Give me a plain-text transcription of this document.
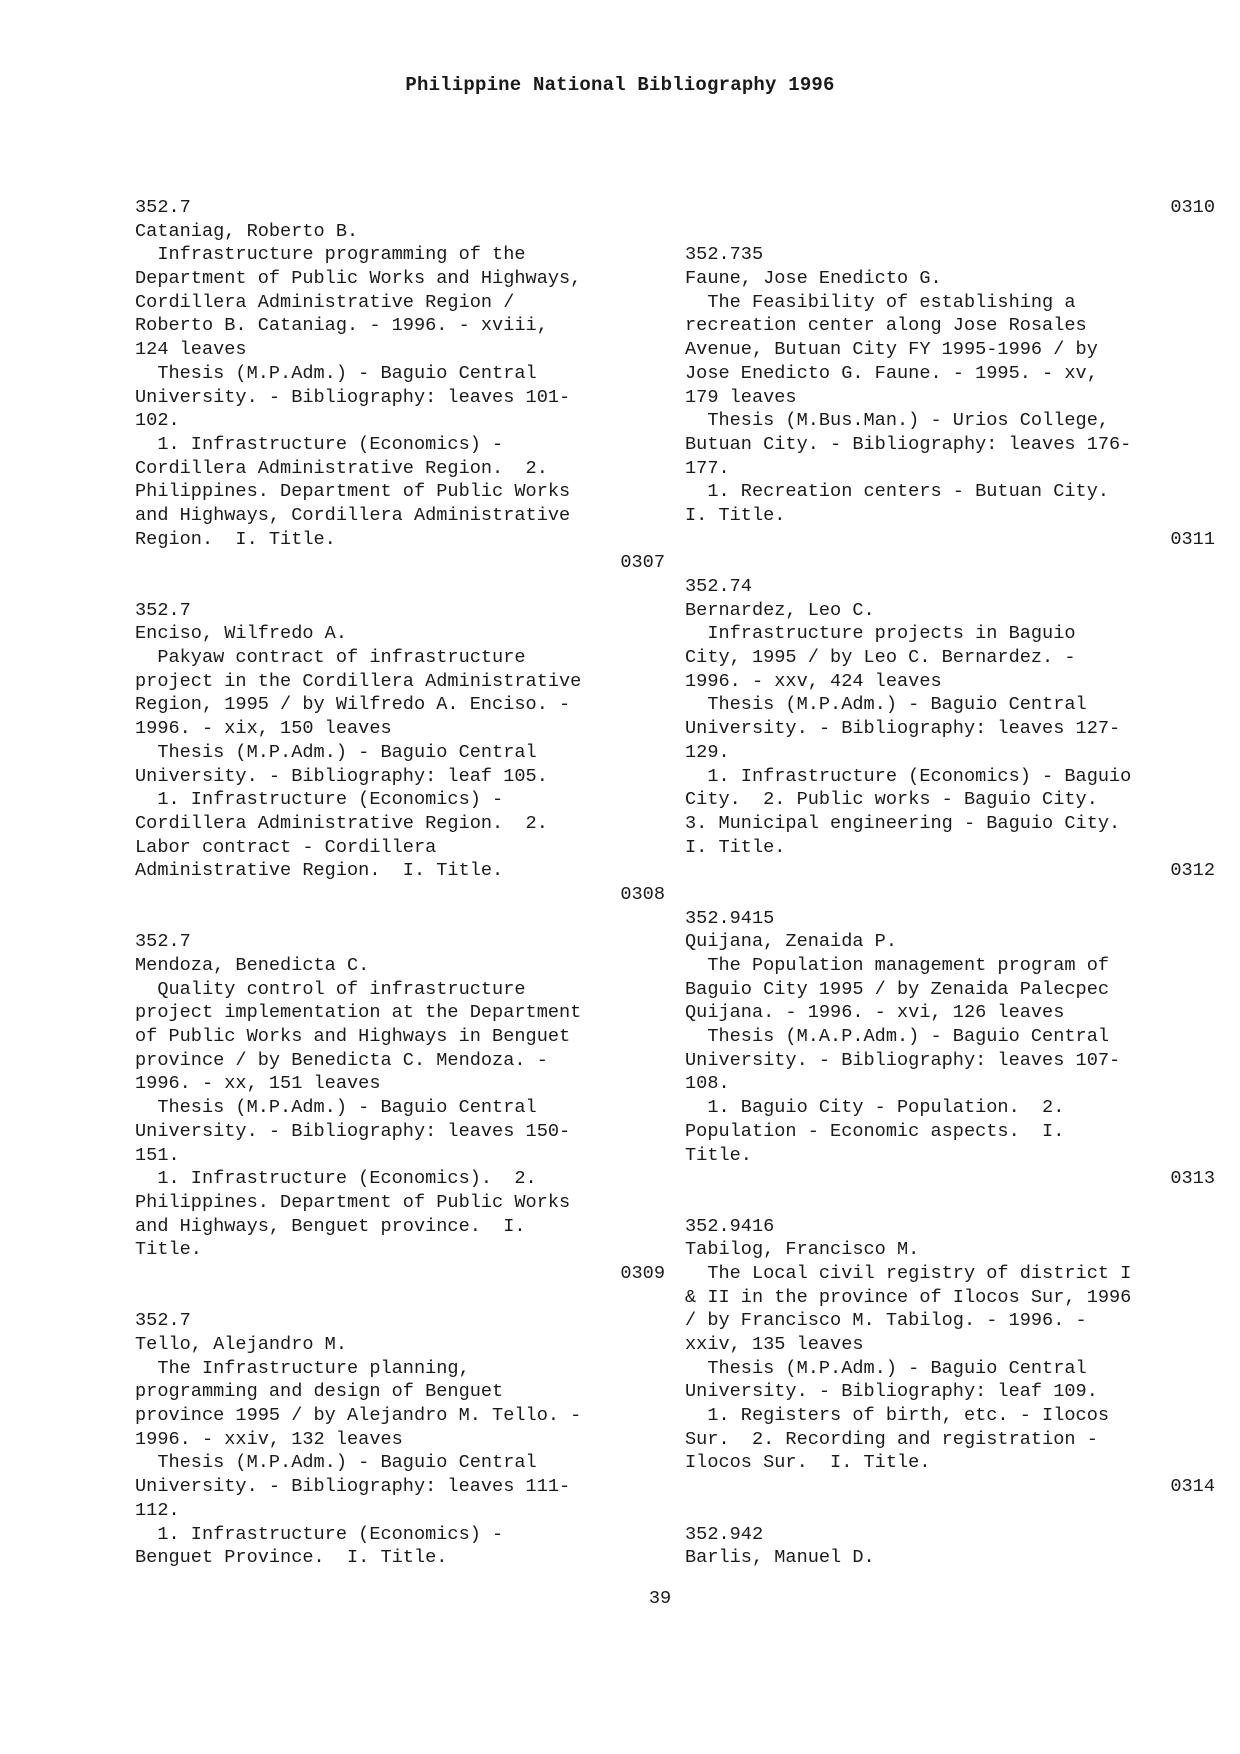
Philippine National Bibliography 1996
352.7
Cataniag, Roberto B.
Infrastructure programming of the
Department of Public Works and Highways,
Cordillera Administrative Region /
Roberto B. Cataniag. - 1996. - xviii,
124 leaves
Thesis (M.P.Adm.) - Baguio Central
University. - Bibliography: leaves 101-
102.
1. Infrastructure (Economics) -
Cordillera Administrative Region.  2.
Philippines. Department of Public Works
and Highways, Cordillera Administrative
Region.  I. Title.
0307
352.7
Enciso, Wilfredo A.
Pakyaw contract of infrastructure
project in the Cordillera Administrative
Region, 1995 / by Wilfredo A. Enciso. -
1996. - xix, 150 leaves
Thesis (M.P.Adm.) - Baguio Central
University. - Bibliography: leaf 105.
1. Infrastructure (Economics) -
Cordillera Administrative Region.  2.
Labor contract - Cordillera
Administrative Region.  I. Title.
0308
352.7
Mendoza, Benedicta C.
Quality control of infrastructure
project implementation at the Department
of Public Works and Highways in Benguet
province / by Benedicta C. Mendoza. -
1996. - xx, 151 leaves
Thesis (M.P.Adm.) - Baguio Central
University. - Bibliography: leaves 150-
151.
1. Infrastructure (Economics).  2.
Philippines. Department of Public Works
and Highways, Benguet province.  I.
Title.
0309
352.7
Tello, Alejandro M.
The Infrastructure planning,
programming and design of Benguet
province 1995 / by Alejandro M. Tello. -
1996. - xxiv, 132 leaves
Thesis (M.P.Adm.) - Baguio Central
University. - Bibliography: leaves 111-
112.
1. Infrastructure (Economics) -
Benguet Province.  I. Title.
0310
352.735
Faune, Jose Enedicto G.
The Feasibility of establishing a
recreation center along Jose Rosales
Avenue, Butuan City FY 1995-1996 / by
Jose Enedicto G. Faune. - 1995. - xv,
179 leaves
Thesis (M.Bus.Man.) - Urios College,
Butuan City. - Bibliography: leaves 176-
177.
1. Recreation centers - Butuan City.
I. Title.
0311
352.74
Bernardez, Leo C.
Infrastructure projects in Baguio
City, 1995 / by Leo C. Bernardez. -
1996. - xxv, 424 leaves
Thesis (M.P.Adm.) - Baguio Central
University. - Bibliography: leaves 127-
129.
1. Infrastructure (Economics) - Baguio
City.  2. Public works - Baguio City.
3. Municipal engineering - Baguio City.
I. Title.
0312
352.9415
Quijana, Zenaida P.
The Population management program of
Baguio City 1995 / by Zenaida Palecpec
Quijana. - 1996. - xvi, 126 leaves
Thesis (M.A.P.Adm.) - Baguio Central
University. - Bibliography: leaves 107-
108.
1. Baguio City - Population.  2.
Population - Economic aspects.  I.
Title.
0313
352.9416
Tabilog, Francisco M.
The Local civil registry of district I
& II in the province of Ilocos Sur, 1996
/ by Francisco M. Tabilog. - 1996. -
xxiv, 135 leaves
Thesis (M.P.Adm.) - Baguio Central
University. - Bibliography: leaf 109.
1. Registers of birth, etc. - Ilocos
Sur.  2. Recording and registration -
Ilocos Sur.  I. Title.
0314
352.942
Barlis, Manuel D.
39
